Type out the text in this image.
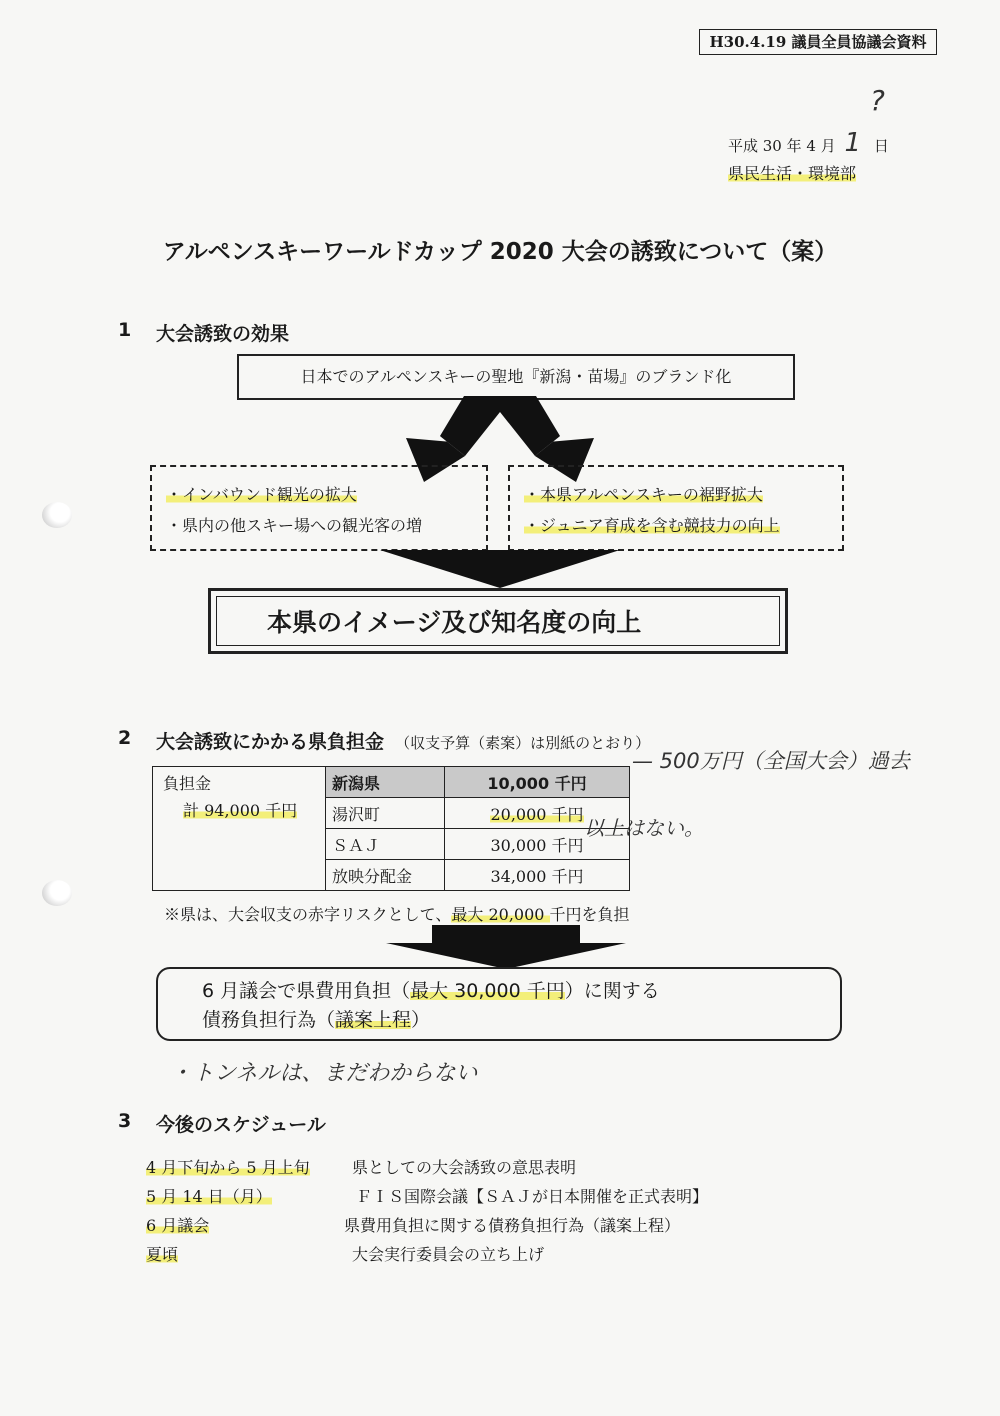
H30.4.19 議員全員協議会資料
平成 30 年 4 月 1 日
?
県民生活・環境部
アルペンスキーワールドカップ 2020 大会の誘致について（案）
1 大会誘致の効果
日本でのアルペンスキーの聖地『新潟・苗場』のブランド化
・インバウンド観光の拡大
・県内の他スキー場への観光客の増
・本県アルペンスキーの裾野拡大
・ジュニア育成を含む競技力の向上
本県のイメージ及び知名度の向上
2 大会誘致にかかる県負担金 （収支予算（素案）は別紙のとおり）
— 500万円（全国大会）過去
負担金
計 94,000 千円	新潟県	10,000 千円
	湯沢町	20,000 千円
	ＳＡＪ	30,000 千円
	放映分配金	34,000 千円
以上はない。
※県は、大会収支の赤字リスクとして、最大 20,000 千円を負担
6 月議会で県費用負担（最大 30,000 千円）に関する
債務負担行為（議案上程）
・トンネルは、まだわからない
3 今後のスケジュール
4 月下旬から 5 月上旬	県としての大会誘致の意思表明
5 月 14 日（月）	ＦＩＳ国際会議【ＳＡＪが日本開催を正式表明】
6 月議会	県費用負担に関する債務負担行為（議案上程）
夏頃	大会実行委員会の立ち上げ
